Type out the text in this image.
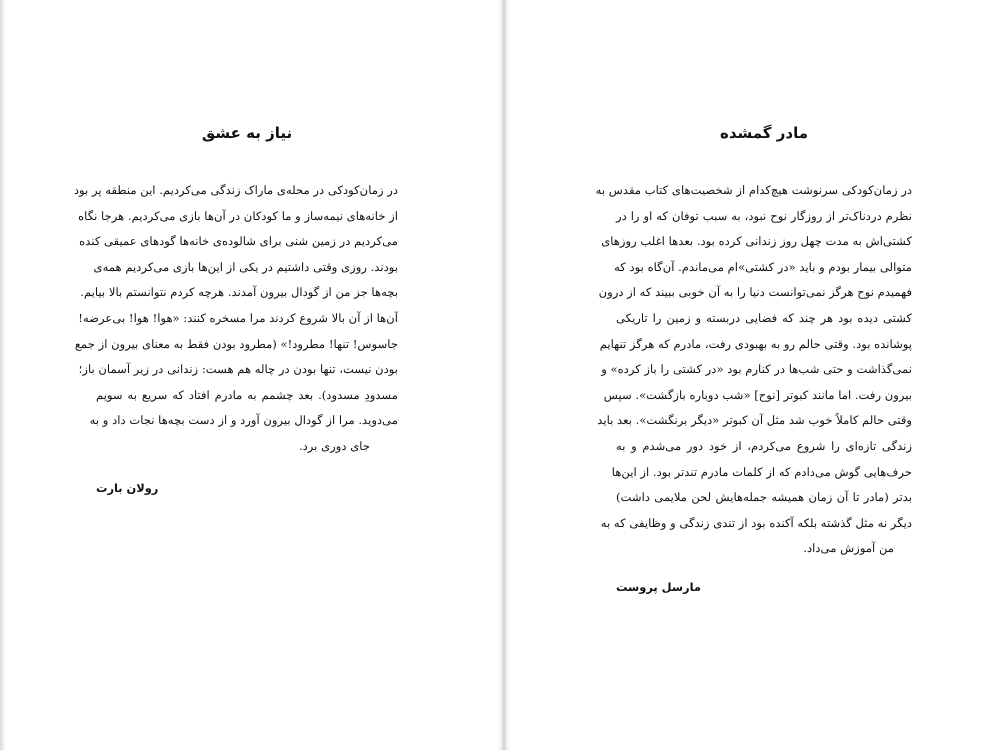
نیاز به عشق
در زمان‌کودکی در محله‌ی ماراک زندگی می‌کردیم. این منطقه پر بود
از خانه‌های نیمه‌ساز و ما کودکان در آن‌ها بازی می‌کردیم. هرجا نگاه
می‌کردیم در زمین شنی برای شالوده‌ی خانه‌ها گودهای عمیقی کنده
بودند. روزی وقتی داشتیم در یکی از این‌ها بازی می‌کردیم همه‌ی
بچه‌ها جز من از گودال بیرون آمدند. هرچه کردم نتوانستم بالا بیایم.
آن‌ها از آن بالا شروع کردند مرا مسخره کنند: «هوا! هوا! بی‌عرضه!
جاسوس! تنها! مطرود!» (مطرود بودن فقط به معنای بیرون از جمع
بودن نیست، تنها بودن در چاله هم هست: زندانی در زیر آسمان باز؛
مسدودِ مسدود). بعد چشمم به مادرم افتاد که سریع به سویم
می‌دوید. مرا از گودال بیرون آورد و از دست بچه‌ها نجات داد و به
جای دوری برد.

رولان بارت

مادر گمشده
در زمان‌کودکی سرنوشت هیچ‌کدام از شخصیت‌های کتاب مقدس به
نظرم دردناک‌تر از روزگار نوح نبود، به سبب توفان که او را در
کشتی‌اش به مدت چهل روز زندانی کرده بود. بعدها اغلب روزهای
متوالی بیمار بودم و باید «در کشتی»ام می‌ماندم. آن‌گاه بود که
فهمیدم نوح هرگز نمی‌توانست دنیا را به آن خوبی ببیند که از درون
کشتی دیده بود هر چند که فضایی دربسته و زمین را تاریکی
پوشانده بود. وقتی حالم رو به بهبودی رفت، مادرم که هرگز تنهایم
نمی‌گذاشت و حتی شب‌ها در کنارم بود «در کشتی را باز کرده» و
بیرون رفت. اما مانند کبوتر [نوح] «شب دوباره بازگشت». سپس
وقتی حالم کاملاً خوب شد مثل آن کبوتر «دیگر برنگشت». بعد باید
زندگی تازه‌ای را شروع می‌کردم، از خود دور می‌شدم و به
حرف‌هایی گوش می‌دادم که از کلمات مادرم تندتر بود. از این‌ها
بدتر (مادر تا آن زمان همیشه جمله‌هایش لحن ملایمی داشت)
دیگر نه مثل گذشته بلکه آکنده بود از تندی زندگی و وظایفی که به
من آموزش می‌داد.

مارسل پروست
